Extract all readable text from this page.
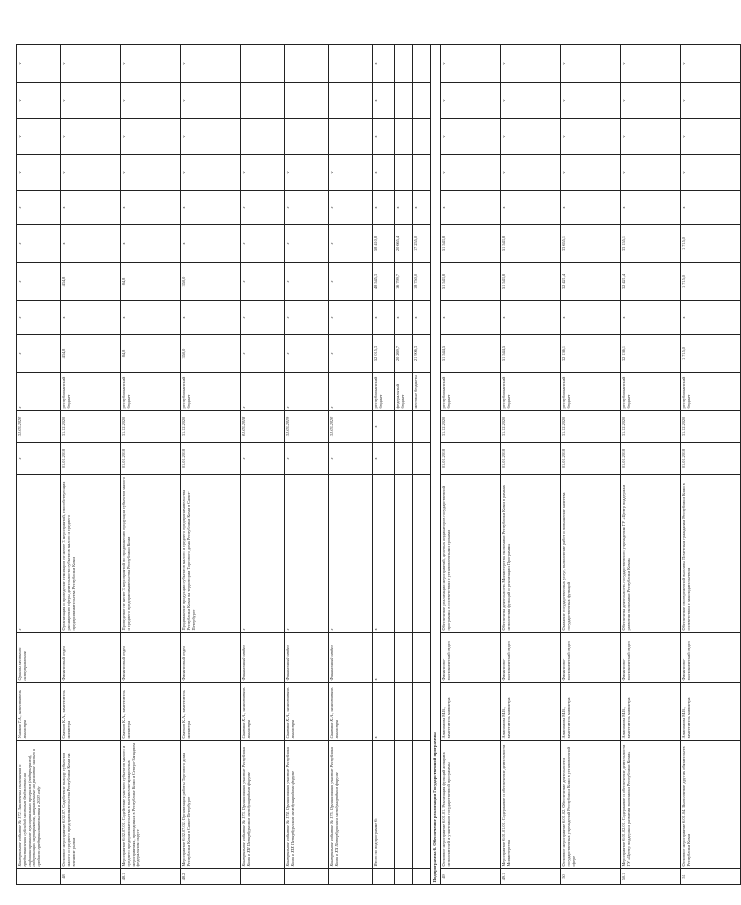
	Контрольное событие № 172. Заключены соглашения о предоставлении субсидий местным бюджетам на софинансирование муниципальных программ (подпрограмм), содержащих мероприятия, направленные на развитие малого и среднего предпринимательства в 2020 году	Ушаков Т.А., заместитель министра	Органы местного самоуправления	х	х	31.03.2020	х	х	х	х	х	х	v	v	v	v
48	Основное мероприятие 6.02.07. Содействие выходу субъектов малого и среднего предпринимательства Республики Коми на внешние рынки	Сватков К.А., заместитель министра	Финансовый отдел	Организация и проведение семинаров не менее 3 мероприятий, способствующих расширению сферы деятельности субъектов малого и среднего предпринимательства Республики Коми	01.01.2018	31.12.2020	республиканский бюджет	434,8	х	434,8	х	х	v	v	v	v
48.1	Мероприятие 6.02.07.01. Содействие участию субъектов малого и среднего предпринимательства в выставочно-ярмарочных мероприятиях, проводимых в Республике Коми и Северо-Западном федеральном округе	Сватков К.А., заместитель министра	Финансовый отдел	Проведение не менее 3 мероприятий по продвижению продукции субъектов малого и среднего предпринимательства Республики Коми	01.01.2018	31.12.2020	республиканский бюджет	84,8	х	84,8	х	х	v	v	v	v
48.2	Мероприятие 6.02.07.02. Организация работы Торгового дома Республики Коми в Санкт-Петербурге	Сватков К.А., заместитель министра	Финансовый отдел	Продвижение продукции субъектов малого и среднего предпринимательства Республики Коми на территории Торгового дома Республики Коми в Санкт-Петербурге	01.01.2018	31.12.2020	республиканский бюджет	350,0	х	350,0	х	х	v	v	v	v
	Контрольное событие № 173. Организовано участие Республики Коми в XII Петербургском международном форуме	Сватков К.А., заместитель министра	Финансовый отдел	х	х	01.03.2018	х	х	х	х	х	х	v			
	Контрольное событие № 174. Организовано участие Республики Коми в XIX Петербургском международном форуме	Сватков К.А., заместитель министра	Финансовый отдел	х	х	31.03.2019	х	х	х	х	х	х	v			
	Контрольное событие № 175. Организовано участие Республики Коми в XX Петербургском международном форуме	Сватков К.А., заместитель министра	Финансовый отдел	х	х	31.03.2020	х	х	х	х	х	х	v			
	Итого по подпрограмме 6:	х	х	х	х	х	республиканский бюджет	52 015,3	х	48 545,3	58 410,8	х	х	х	х	х
							федеральный бюджет	20 269,7	х	16 799,7	20 665,4	х				
							местные бюджеты	21 906,3	х	18 750,0	17 255,0	х				
Подпрограмма 6. Обеспечение реализации Государственной программы																
49	Основное мероприятие 6.01.01. Реализация функций аппарата исполнителей и участников государственной программы	Анисимова М.В., заместитель министра	Финансово-экономический отдел	Обеспечение реализации мероприятий, целевых индикаторов государственной программы в соответствии с установленными сроками	01.01.2018	31.12.2020	республиканский бюджет	51 544,5	х	51 543,8	51 543,8	х	v	v	v	v
49.1	Мероприятие 6.01.01.01. Содержание и обеспечение деятельности Министерства	Анисимова М.В., заместитель министра	Финансово-экономический отдел	Обеспечена деятельность Министерства экономики Республики Коми в рамках исполнения функций и реализации Программы	01.01.2018	31.12.2020	республиканский бюджет	51 544,5	х	51 543,8	51 543,8	х	v	v	v	v
50	Основное мероприятие 6.01.02. Обеспечение деятельности государственных учреждений Республики Коми в установленной сфере	Анисимова М.В., заместитель министра	Финансово-экономический отдел	Оказание государственных услуг, выполнение работ и повышение качества государственных функций	01.01.2018	31.12.2020	республиканский бюджет	32 136,1	х	32 421,4	33 655,1	х	v	v	v	v
50.1	Мероприятие 6.01.02.01. Содержание и обеспечение деятельности ГУ «Центр поддержки развития экономики Республики Коми»	Анисимова М.В., заместитель министра	Финансово-экономический отдел	Обеспечена деятельность государственного учреждения ГУ «Центр поддержки развития экономики Республики Коми»	01.01.2018	31.12.2020	республиканский бюджет	32 136,1	х	32 421,4	33 155,1	х	v	v	v	v
51	Основное мероприятие 6.01.04. Выполнение других обязательств Республики Коми	Анисимова М.В., заместитель министра	Финансово-экономический отдел	Обеспечение своевременной выплаты Почетным гражданам Республики Коми в соответствии с законодательством	01.01.2018	31.12.2020	республиканский бюджет	1 715,0	х	1 715,0	1 715,0	х	v	v	v	v
